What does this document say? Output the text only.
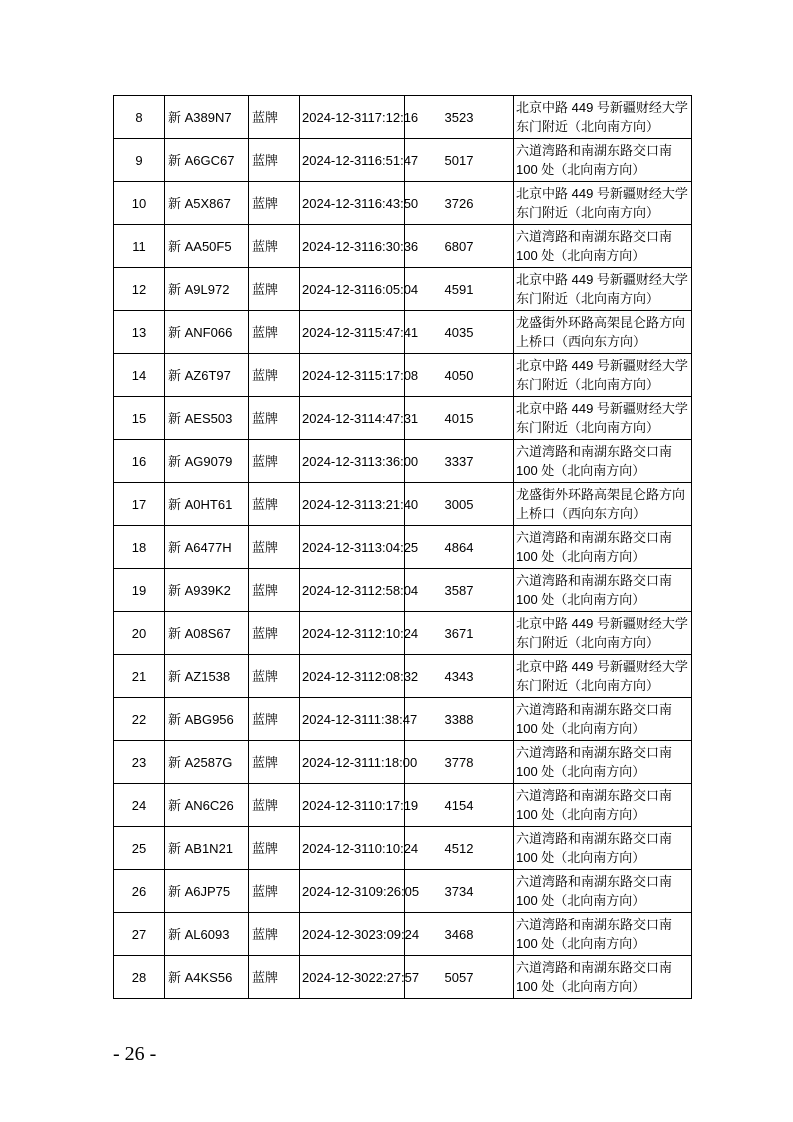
8	新 A389N7	蓝牌	2024-12-3117:12:16	3523	北京中路 449 号新疆财经大学
东门附近（北向南方向）

9	新 A6GC67	蓝牌	2024-12-3116:51:47	5017	六道湾路和南湖东路交口南
100 处（北向南方向）

10	新 A5X867	蓝牌	2024-12-3116:43:50	3726	北京中路 449 号新疆财经大学
东门附近（北向南方向）

11	新 AA50F5	蓝牌	2024-12-3116:30:36	6807	六道湾路和南湖东路交口南
100 处（北向南方向）

12	新 A9L972	蓝牌	2024-12-3116:05:04	4591	北京中路 449 号新疆财经大学
东门附近（北向南方向）

13	新 ANF066	蓝牌	2024-12-3115:47:41	4035	龙盛街外环路高架昆仑路方向
上桥口（西向东方向）

14	新 AZ6T97	蓝牌	2024-12-3115:17:08	4050	北京中路 449 号新疆财经大学
东门附近（北向南方向）

15	新 AES503	蓝牌	2024-12-3114:47:31	4015	北京中路 449 号新疆财经大学
东门附近（北向南方向）

16	新 AG9079	蓝牌	2024-12-3113:36:00	3337	六道湾路和南湖东路交口南
100 处（北向南方向）

17	新 A0HT61	蓝牌	2024-12-3113:21:40	3005	龙盛街外环路高架昆仑路方向
上桥口（西向东方向）

18	新 A6477H	蓝牌	2024-12-3113:04:25	4864	六道湾路和南湖东路交口南
100 处（北向南方向）

19	新 A939K2	蓝牌	2024-12-3112:58:04	3587	六道湾路和南湖东路交口南
100 处（北向南方向）

20	新 A08S67	蓝牌	2024-12-3112:10:24	3671	北京中路 449 号新疆财经大学
东门附近（北向南方向）

21	新 AZ1538	蓝牌	2024-12-3112:08:32	4343	北京中路 449 号新疆财经大学
东门附近（北向南方向）

22	新 ABG956	蓝牌	2024-12-3111:38:47	3388	六道湾路和南湖东路交口南
100 处（北向南方向）

23	新 A2587G	蓝牌	2024-12-3111:18:00	3778	六道湾路和南湖东路交口南
100 处（北向南方向）

24	新 AN6C26	蓝牌	2024-12-3110:17:19	4154	六道湾路和南湖东路交口南
100 处（北向南方向）

25	新 AB1N21	蓝牌	2024-12-3110:10:24	4512	六道湾路和南湖东路交口南
100 处（北向南方向）

26	新 A6JP75	蓝牌	2024-12-3109:26:05	3734	六道湾路和南湖东路交口南
100 处（北向南方向）

27	新 AL6093	蓝牌	2024-12-3023:09:24	3468	六道湾路和南湖东路交口南
100 处（北向南方向）

28	新 A4KS56	蓝牌	2024-12-3022:27:57	5057	六道湾路和南湖东路交口南
100 处（北向南方向）
- 26 -
